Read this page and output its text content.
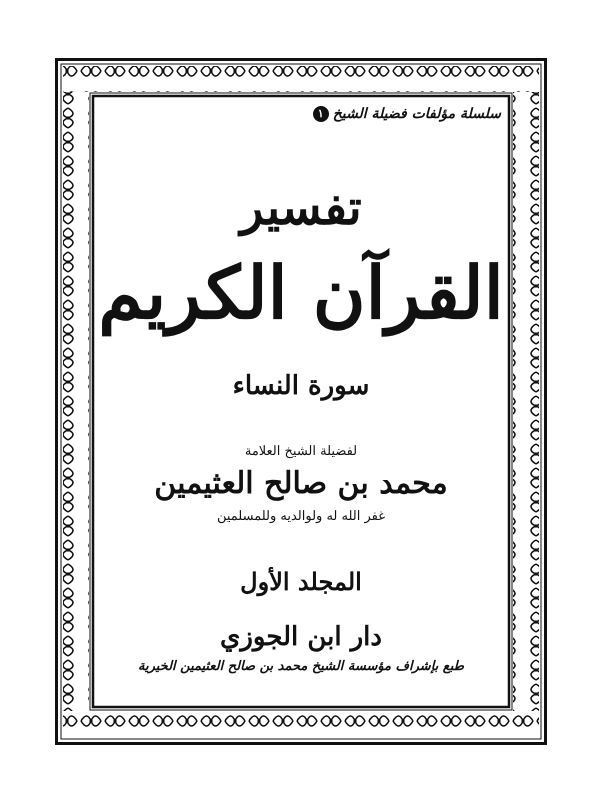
سلسلة مؤلفات فضيلة الشيخ
١
تفسير
القرآن الكريم
سورة النساء
لفضيلة الشيخ العلامة
محمد بن صالح العثيمين
غفر الله له ولوالديه وللمسلمين
المجلد الأول
دار ابن الجوزي
طبع بإشراف مؤسسة الشيخ محمد بن صالح العثيمين الخيرية
